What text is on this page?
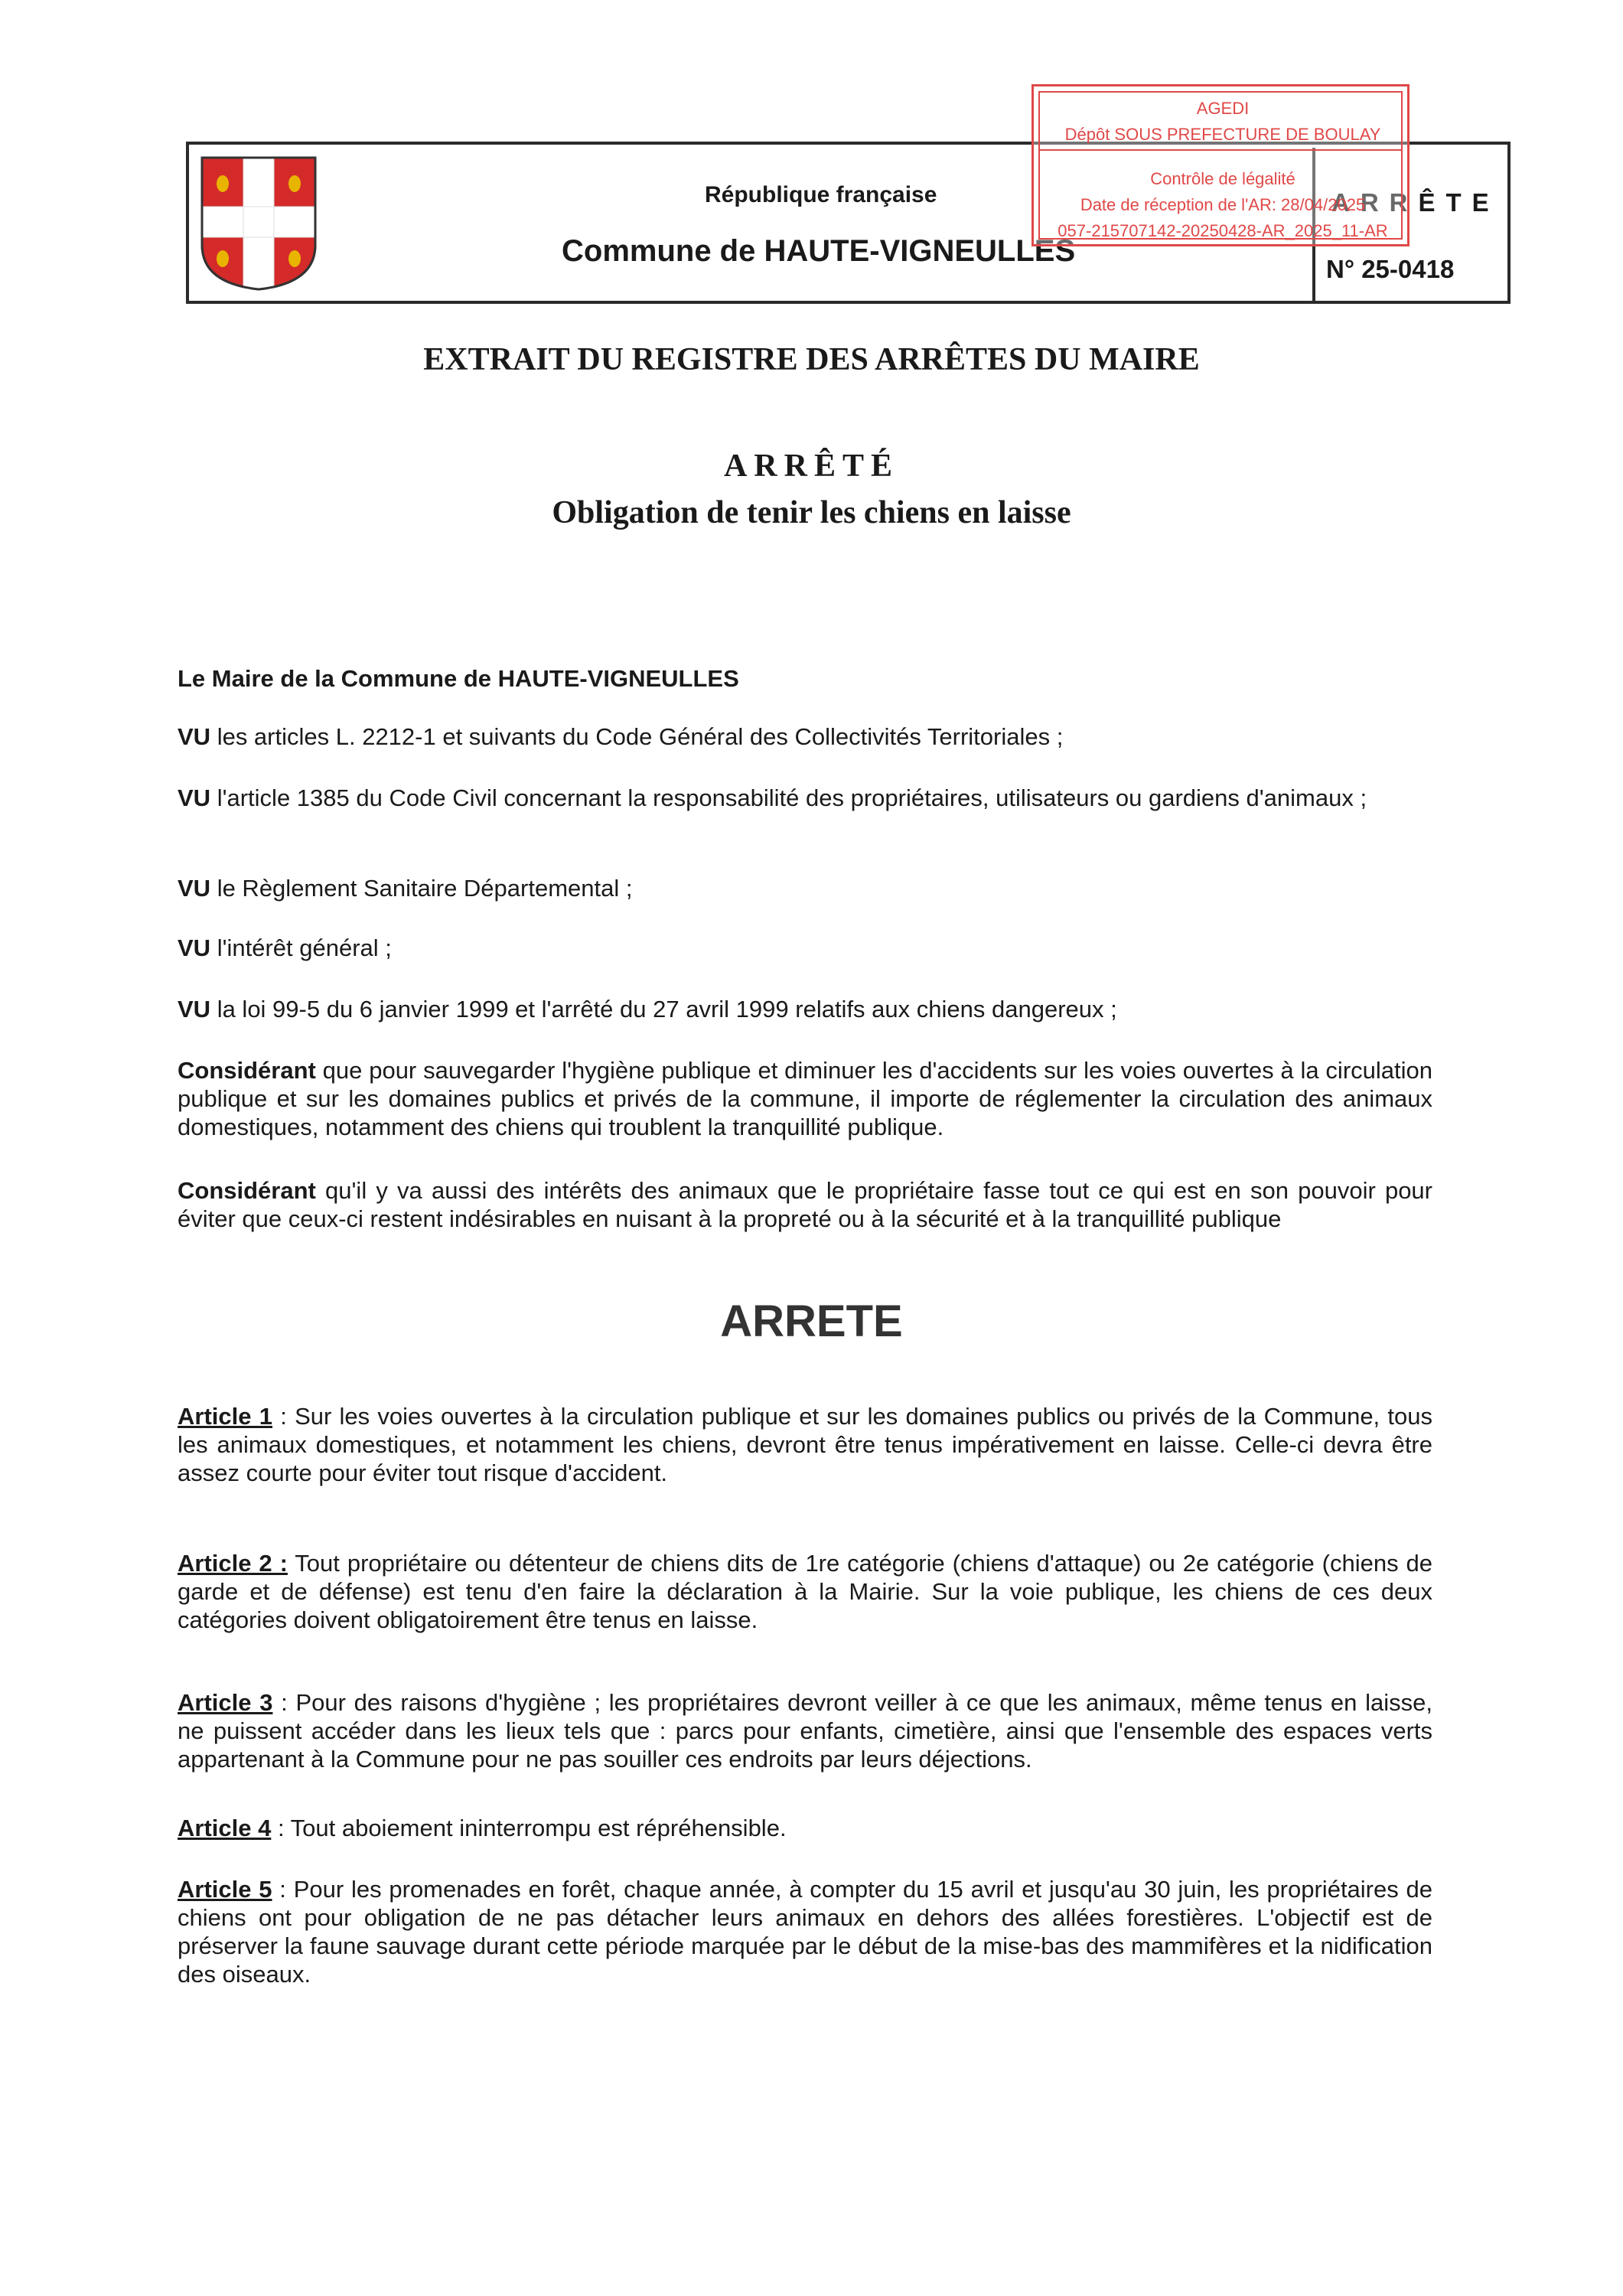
République française
Commune de HAUTE-VIGNEULLES
ARRÊTE
N° 25-0418
AGEDI
Dépôt SOUS PREFECTURE DE BOULAY
Contrôle de légalité
Date de réception de l'AR: 28/04/2025
057-215707142-20250428-AR_2025_11-AR
EXTRAIT DU REGISTRE DES ARRÊTES DU MAIRE
ARRÊTÉ
Obligation de tenir les chiens en laisse
Le Maire de la Commune de HAUTE-VIGNEULLES
VU les articles L. 2212-1 et suivants du Code Général des Collectivités Territoriales ;
VU l'article 1385 du Code Civil concernant la responsabilité des propriétaires, utilisateurs ou gardiens d'animaux ;
VU le Règlement Sanitaire Départemental ;
VU l'intérêt général ;
VU la loi 99-5 du 6 janvier 1999 et l'arrêté du 27 avril 1999 relatifs aux chiens dangereux ;
Considérant que pour sauvegarder l'hygiène publique et diminuer les d'accidents sur les voies ouvertes à la circulation publique et sur les domaines publics et privés de la commune, il importe de réglementer la circulation des animaux domestiques, notamment des chiens qui troublent la tranquillité publique.
Considérant qu'il y va aussi des intérêts des animaux que le propriétaire fasse tout ce qui est en son pouvoir pour éviter que ceux-ci restent indésirables en nuisant à la propreté ou à la sécurité et à la tranquillité publique
ARRETE
Article 1 : Sur les voies ouvertes à la circulation publique et sur les domaines publics ou privés de la Commune, tous les animaux domestiques, et notamment les chiens, devront être tenus impérativement en laisse. Celle-ci devra être assez courte pour éviter tout risque d'accident.
Article 2 : Tout propriétaire ou détenteur de chiens dits de 1re catégorie (chiens d'attaque) ou 2e catégorie (chiens de garde et de défense) est tenu d'en faire la déclaration à la Mairie. Sur la voie publique, les chiens de ces deux catégories doivent obligatoirement être tenus en laisse.
Article 3 : Pour des raisons d'hygiène ; les propriétaires devront veiller à ce que les animaux, même tenus en laisse, ne puissent accéder dans les lieux tels que : parcs pour enfants, cimetière, ainsi que l'ensemble des espaces verts appartenant à la Commune pour ne pas souiller ces endroits par leurs déjections.
Article 4 : Tout aboiement ininterrompu est répréhensible.
Article 5 : Pour les promenades en forêt, chaque année, à compter du 15 avril et jusqu'au 30 juin, les propriétaires de chiens ont pour obligation de ne pas détacher leurs animaux en dehors des allées forestières. L'objectif est de préserver la faune sauvage durant cette période marquée par le début de la mise-bas des mammifères et la nidification des oiseaux.
